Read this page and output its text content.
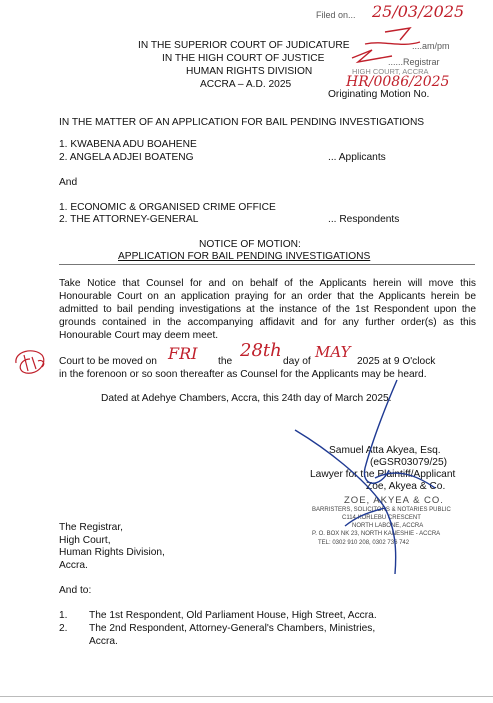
Filed on... 25/03/2025
....am/pm
......Registrar
HIGH COURT, ACCRA
HR/0086/2025
Originating Motion No.
IN THE SUPERIOR COURT OF JUDICATURE
IN THE HIGH COURT OF JUSTICE
HUMAN RIGHTS DIVISION
ACCRA – A.D. 2025
IN THE MATTER OF AN APPLICATION FOR BAIL PENDING INVESTIGATIONS
1. KWABENA ADU BOAHENE
2. ANGELA ADJEI BOATENG	... Applicants
And
1. ECONOMIC & ORGANISED CRIME OFFICE
2. THE ATTORNEY-GENERAL	... Respondents
NOTICE OF MOTION:
APPLICATION FOR BAIL PENDING INVESTIGATIONS
Take Notice that Counsel for and on behalf of the Applicants herein will move this Honourable Court on an application praying for an order that the Applicants herein be admitted to bail pending investigations at the instance of the 1st Respondent upon the grounds contained in the accompanying affidavit and for any further order(s) as this Honourable Court may deem meet.
Court to be moved on FRI the
28th
day of
MAY
2025 at 9 O'clock
in the forenoon or so soon thereafter as Counsel for the Applicants may be heard.
Dated at Adehye Chambers, Accra, this 24th day of March 2025.
Samuel Atta Akyea, Esq.
(eGSR03079/25)
Lawyer for the Plaintiff/Applicant
Zoe, Akyea & Co.
ZOE, AKYEA & CO.
BARRISTERS, SOLICITORS & NOTARIES PUBLIC
C114 KORLEBU CRESCENT
NORTH LABONE, ACCRA
P. O. BOX NK 23, NORTH KANESHIE - ACCRA
TEL: 0302 910 208, 0302 736 742
The Registrar,
High Court,
Human Rights Division,
Accra.
And to:
1. The 1st Respondent, Old Parliament House, High Street, Accra.
2. The 2nd Respondent, Attorney-General's Chambers, Ministries,
Accra.
